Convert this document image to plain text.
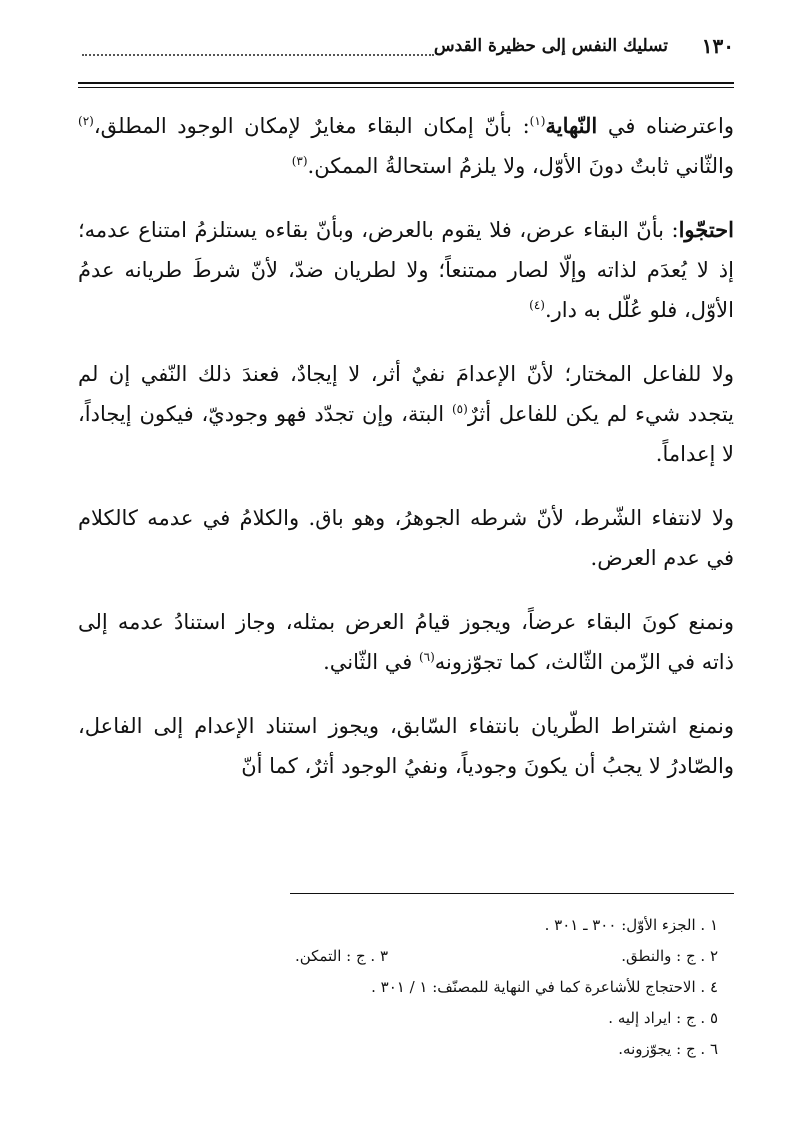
١٣٠
تسليك النفس إلى حظيرة القدس

واعترضناه في النّهاية$^{(١)}$: بأنّ إمكان البقاء مغايرٌ لإمكان الوجود المطلق،$^{(٢)}$ والثّاني ثابتٌ دونَ الأوّل، ولا يلزمُ استحالةُ الممكن.$^{(٣)}$

احتجّوا: بأنّ البقاء عرض، فلا يقوم بالعرض، وبأنّ بقاءه يستلزمُ امتناع عدمه؛ إذ لا يُعدَم لذاته وإلّا لصار ممتنعاً؛ ولا لطريان ضدّ، لأنّ شرطَ طريانه عدمُ الأوّل، فلو عُلّل به دار.$^{(٤)}$

ولا للفاعل المختار؛ لأنّ الإعدامَ نفيٌ أثر، لا إيجادٌ، فعندَ ذلك النّفي إن لم يتجدد شيء لم يكن للفاعل أثرٌ$^{(٥)}$ البتة، وإن تجدّد فهو وجوديّ، فيكون إيجاداً، لا إعداماً.

ولا لانتفاء الشّرط، لأنّ شرطه الجوهرُ، وهو باق. والكلامُ في عدمه كالكلام في عدم العرض.

ونمنع كونَ البقاء عرضاً، ويجوز قيامُ العرض بمثله، وجاز استنادُ عدمه إلى ذاته في الزّمن الثّالث، كما تجوّزونه$^{(٦)}$ في الثّاني.

ونمنع اشتراط الطّريان بانتفاء السّابق، ويجوز استناد الإعدام إلى الفاعل، والصّادرُ لا يجبُ أن يكونَ وجودياً، ونفيُ الوجود أثرٌ، كما أنّ

١ . الجزء الأوّل: ٣٠٠ ـ ٣٠١ .
٢ . ج : والنطق.
٣ . ج : التمكن.
٤ . الاحتجاج للأشاعرة كما في النهاية للمصنّف: ١ / ٣٠١ .
٥ . ج : ايراد إليه .
٦ . ج : يجوّزونه.
